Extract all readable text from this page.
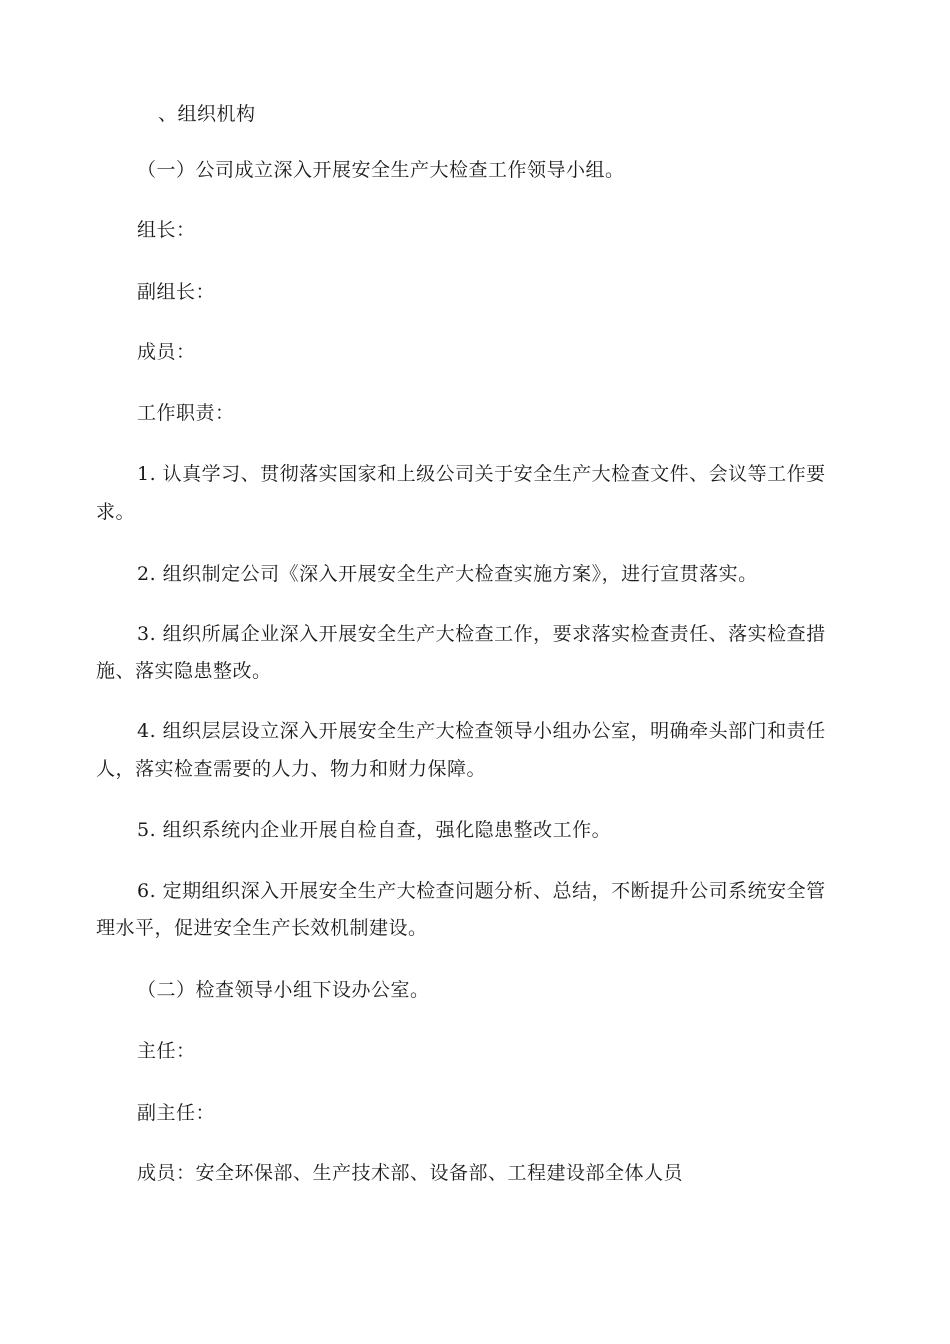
、组织机构
（一）公司成立深入开展安全生产大检查工作领导小组。
组长：
副组长：
成员：
工作职责：
1. 认真学习、贯彻落实国家和上级公司关于安全生产大检查文件、会议等工作要
求。
2. 组织制定公司《深入开展安全生产大检查实施方案》，进行宣贯落实。
3. 组织所属企业深入开展安全生产大检查工作，要求落实检查责任、落实检查措
施、落实隐患整改。
4. 组织层层设立深入开展安全生产大检查领导小组办公室，明确牵头部门和责任
人，落实检查需要的人力、物力和财力保障。
5. 组织系统内企业开展自检自查，强化隐患整改工作。
6. 定期组织深入开展安全生产大检查问题分析、总结，不断提升公司系统安全管
理水平，促进安全生产长效机制建设。
（二）检查领导小组下设办公室。
主任：
副主任：
成员：安全环保部、生产技术部、设备部、工程建设部全体人员
